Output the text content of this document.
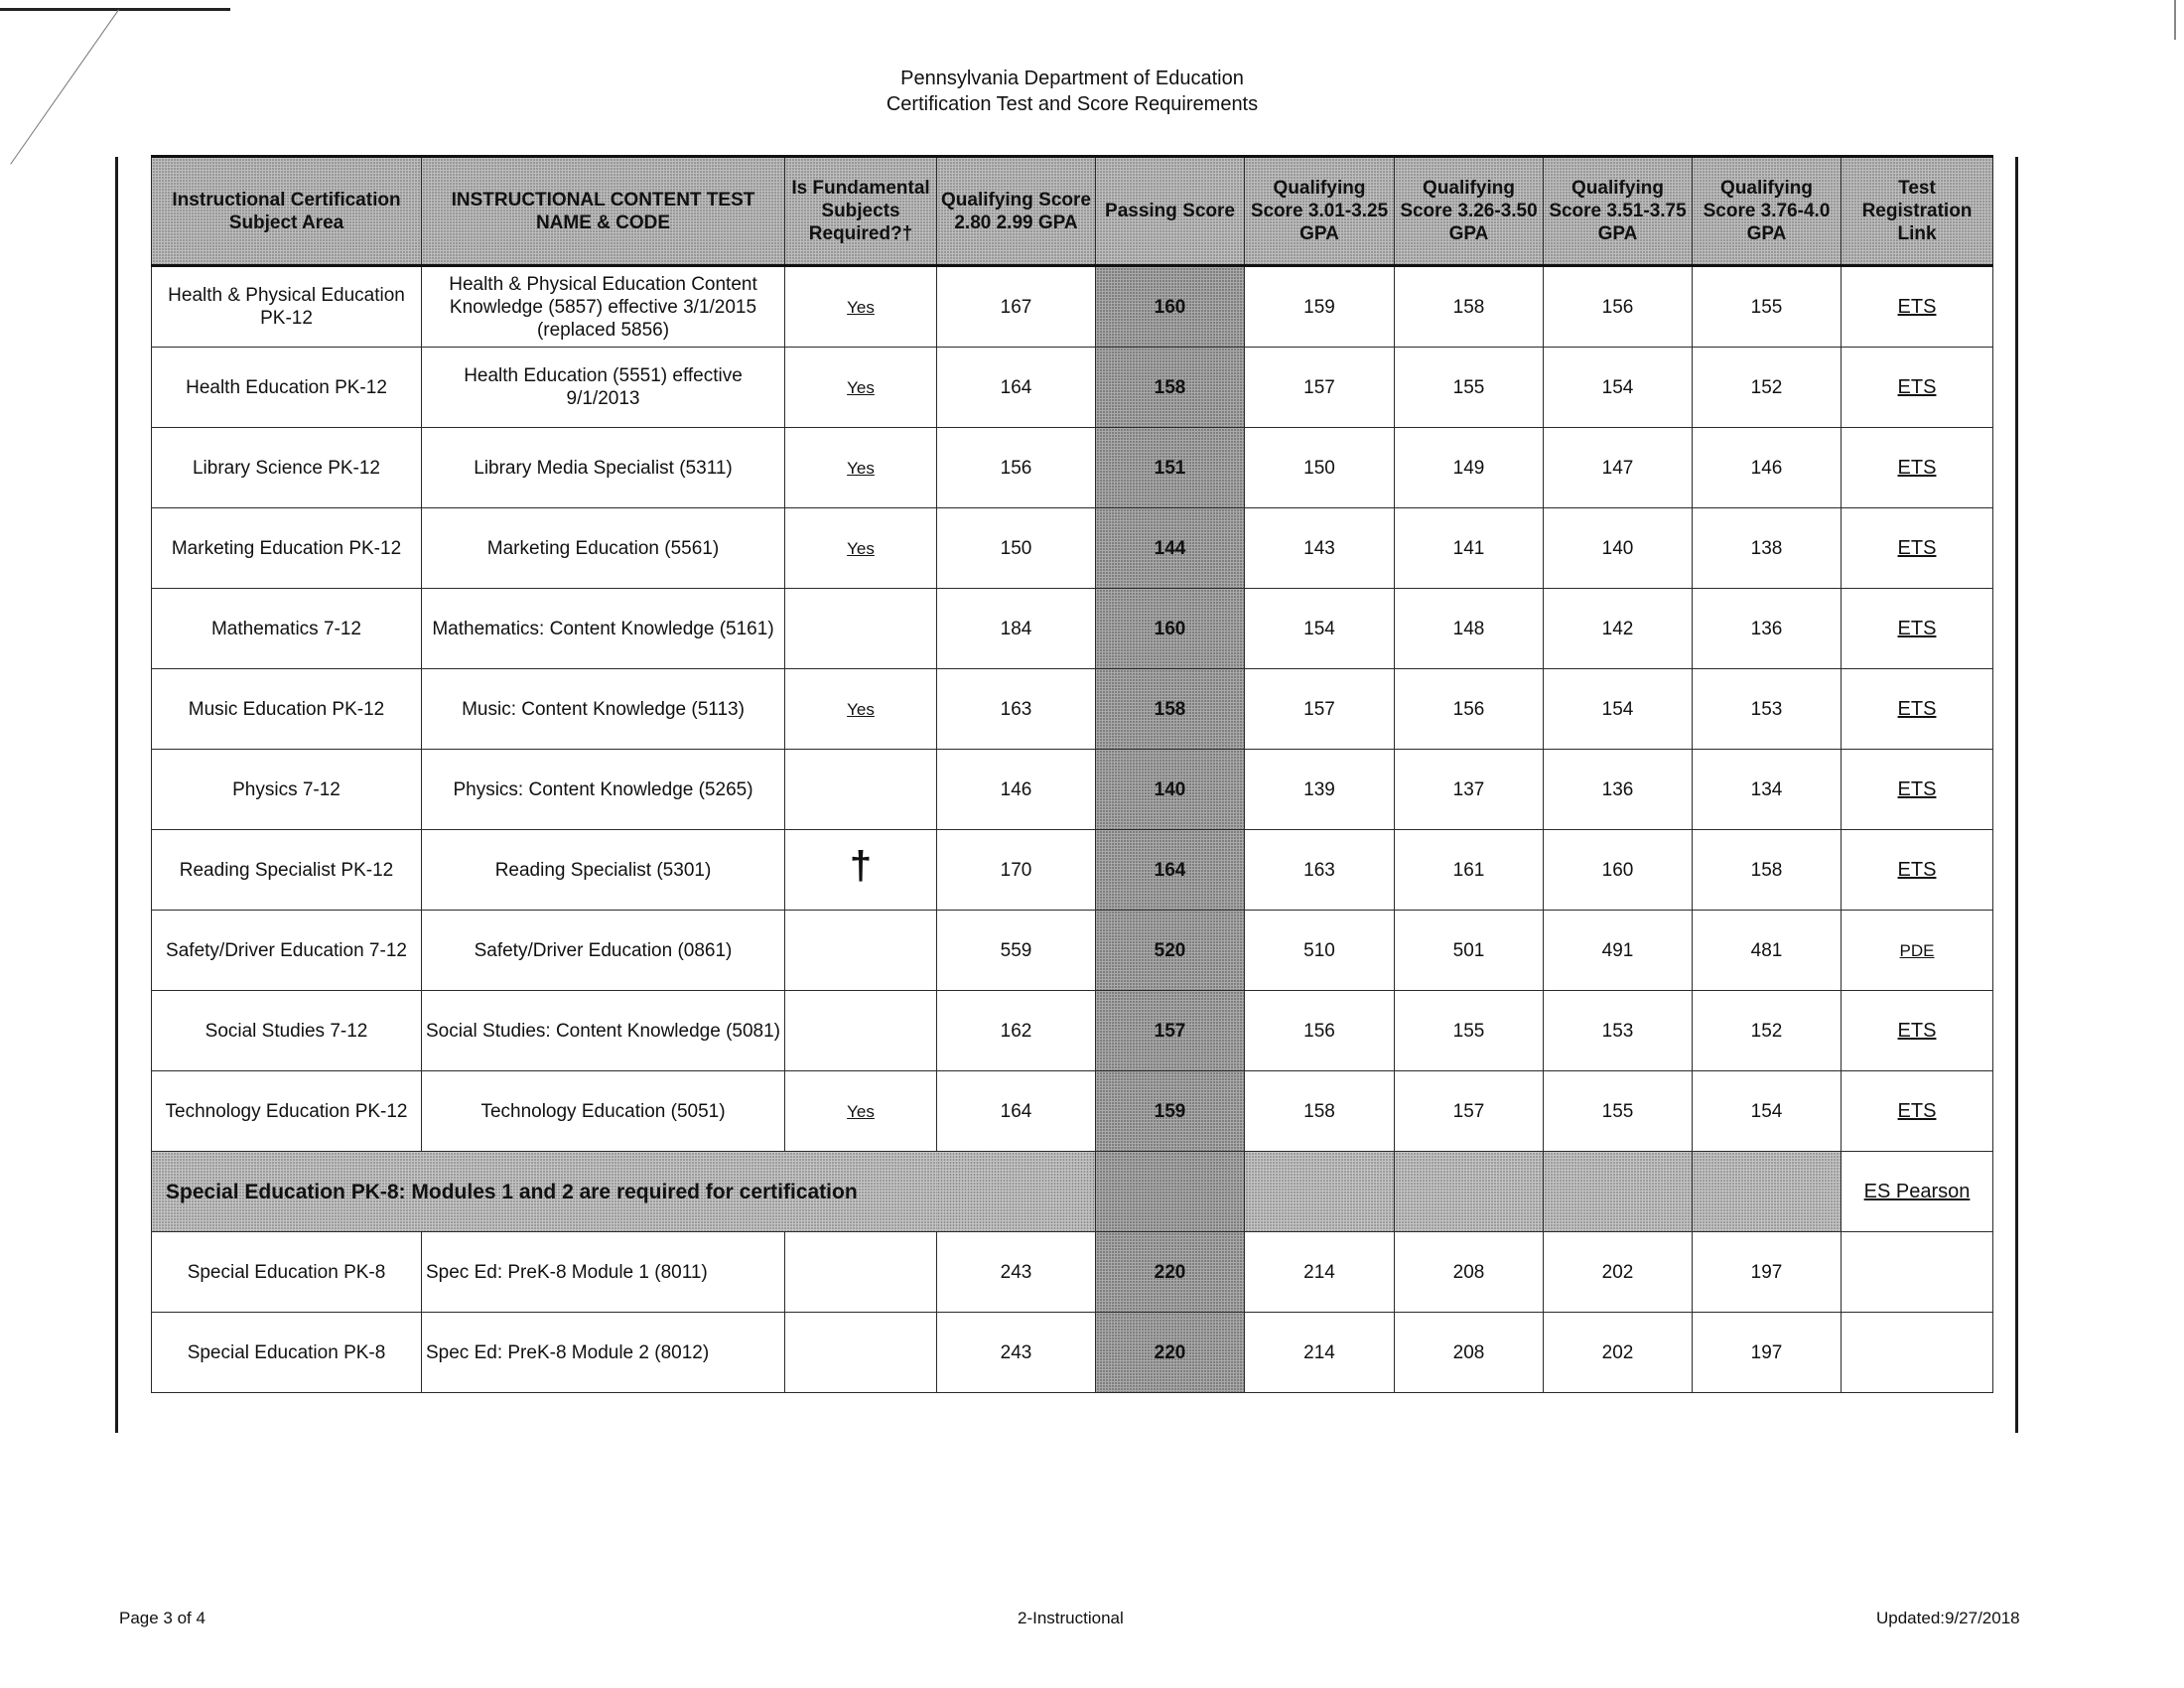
Pennsylvania Department of Education
Certification Test and Score Requirements
Instructional Certification Subject Area	INSTRUCTIONAL CONTENT TEST NAME & CODE	Is Fundamental Subjects Required?†	Qualifying Score 2.80 2.99 GPA	Passing Score	Qualifying Score 3.01-3.25 GPA	Qualifying Score 3.26-3.50 GPA	Qualifying Score 3.51-3.75 GPA	Qualifying Score 3.76-4.0 GPA	Test Registration Link
Health & Physical Education PK-12	Health & Physical Education Content Knowledge (5857) effective 3/1/2015 (replaced 5856)	Yes	167	160	159	158	156	155	ETS
Health Education PK-12	Health Education (5551) effective 9/1/2013	Yes	164	158	157	155	154	152	ETS
Library Science PK-12	Library Media Specialist (5311)	Yes	156	151	150	149	147	146	ETS
Marketing Education PK-12	Marketing Education (5561)	Yes	150	144	143	141	140	138	ETS
Mathematics 7-12	Mathematics: Content Knowledge (5161)		184	160	154	148	142	136	ETS
Music Education PK-12	Music: Content Knowledge (5113)	Yes	163	158	157	156	154	153	ETS
Physics 7-12	Physics: Content Knowledge (5265)		146	140	139	137	136	134	ETS
Reading Specialist PK-12	Reading Specialist (5301)	†	170	164	163	161	160	158	ETS
Safety/Driver Education 7-12	Safety/Driver Education (0861)		559	520	510	501	491	481	PDE
Social Studies 7-12	Social Studies: Content Knowledge (5081)		162	157	156	155	153	152	ETS
Technology Education PK-12	Technology Education (5051)	Yes	164	159	158	157	155	154	ETS
Special Education PK-8: Modules 1 and 2 are required for certification									ES Pearson
Special Education PK-8	Spec Ed: PreK-8 Module 1 (8011)		243	220	214	208	202	197	
Special Education PK-8	Spec Ed: PreK-8 Module 2 (8012)		243	220	214	208	202	197	
Page 3 of 4	2-Instructional	Updated:9/27/2018
